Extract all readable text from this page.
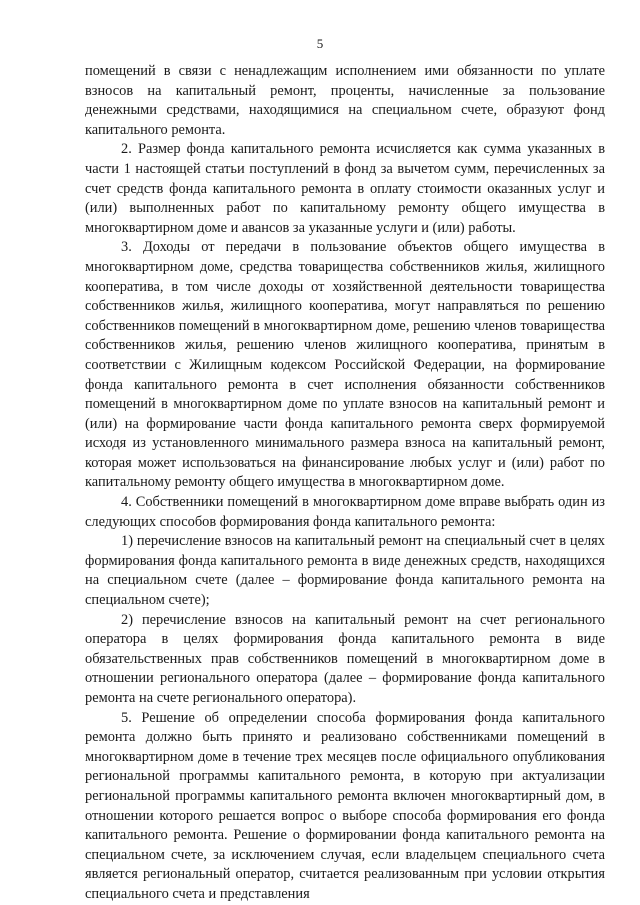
5

помещений в связи с ненадлежащим исполнением ими обязанности по уплате взносов на капитальный ремонт, проценты, начисленные за пользование денежными средствами, находящимися на специальном счете, образуют фонд капитального ремонта.

2. Размер фонда капитального ремонта исчисляется как сумма указанных в части 1 настоящей статьи поступлений в фонд за вычетом сумм, перечисленных за счет средств фонда капитального ремонта в оплату стоимости оказанных услуг и (или) выполненных работ по капитальному ремонту общего имущества в многоквартирном доме и авансов за указанные услуги и (или) работы.

3. Доходы от передачи в пользование объектов общего имущества в многоквартирном доме, средства товарищества собственников жилья, жилищного кооператива, в том числе доходы от хозяйственной деятельности товарищества собственников жилья, жилищного кооператива, могут направляться по решению собственников помещений в многоквартирном доме, решению членов товарищества собственников жилья, решению членов жилищного кооператива, принятым в соответствии с Жилищным кодексом Российской Федерации, на формирование фонда капитального ремонта в счет исполнения обязанности собственников помещений в многоквартирном доме по уплате взносов на капитальный ремонт и (или) на формирование части фонда капитального ремонта сверх формируемой исходя из установленного минимального размера взноса на капитальный ремонт, которая может использоваться на финансирование любых услуг и (или) работ по капитальному ремонту общего имущества в многоквартирном доме.

4. Собственники помещений в многоквартирном доме вправе выбрать один из следующих способов формирования фонда капитального ремонта:

1) перечисление взносов на капитальный ремонт на специальный счет в целях формирования фонда капитального ремонта в виде денежных средств, находящихся на специальном счете (далее – формирование фонда капитального ремонта на специальном счете);

2) перечисление взносов на капитальный ремонт на счет регионального оператора в целях формирования фонда капитального ремонта в виде обязательственных прав собственников помещений в многоквартирном доме в отношении регионального оператора (далее – формирование фонда капитального ремонта на счете регионального оператора).

5. Решение об определении способа формирования фонда капитального ремонта должно быть принято и реализовано собственниками помещений в многоквартирном доме в течение трех месяцев после официального опубликования региональной программы капитального ремонта, в которую при актуализации региональной программы капитального ремонта включен многоквартирный дом, в отношении которого решается вопрос о выборе способа формирования его фонда капитального ремонта. Решение о формировании фонда капитального ремонта на специальном счете, за исключением случая, если владельцем специального счета является региональный оператор, считается реализованным при условии открытия специального счета и представления
